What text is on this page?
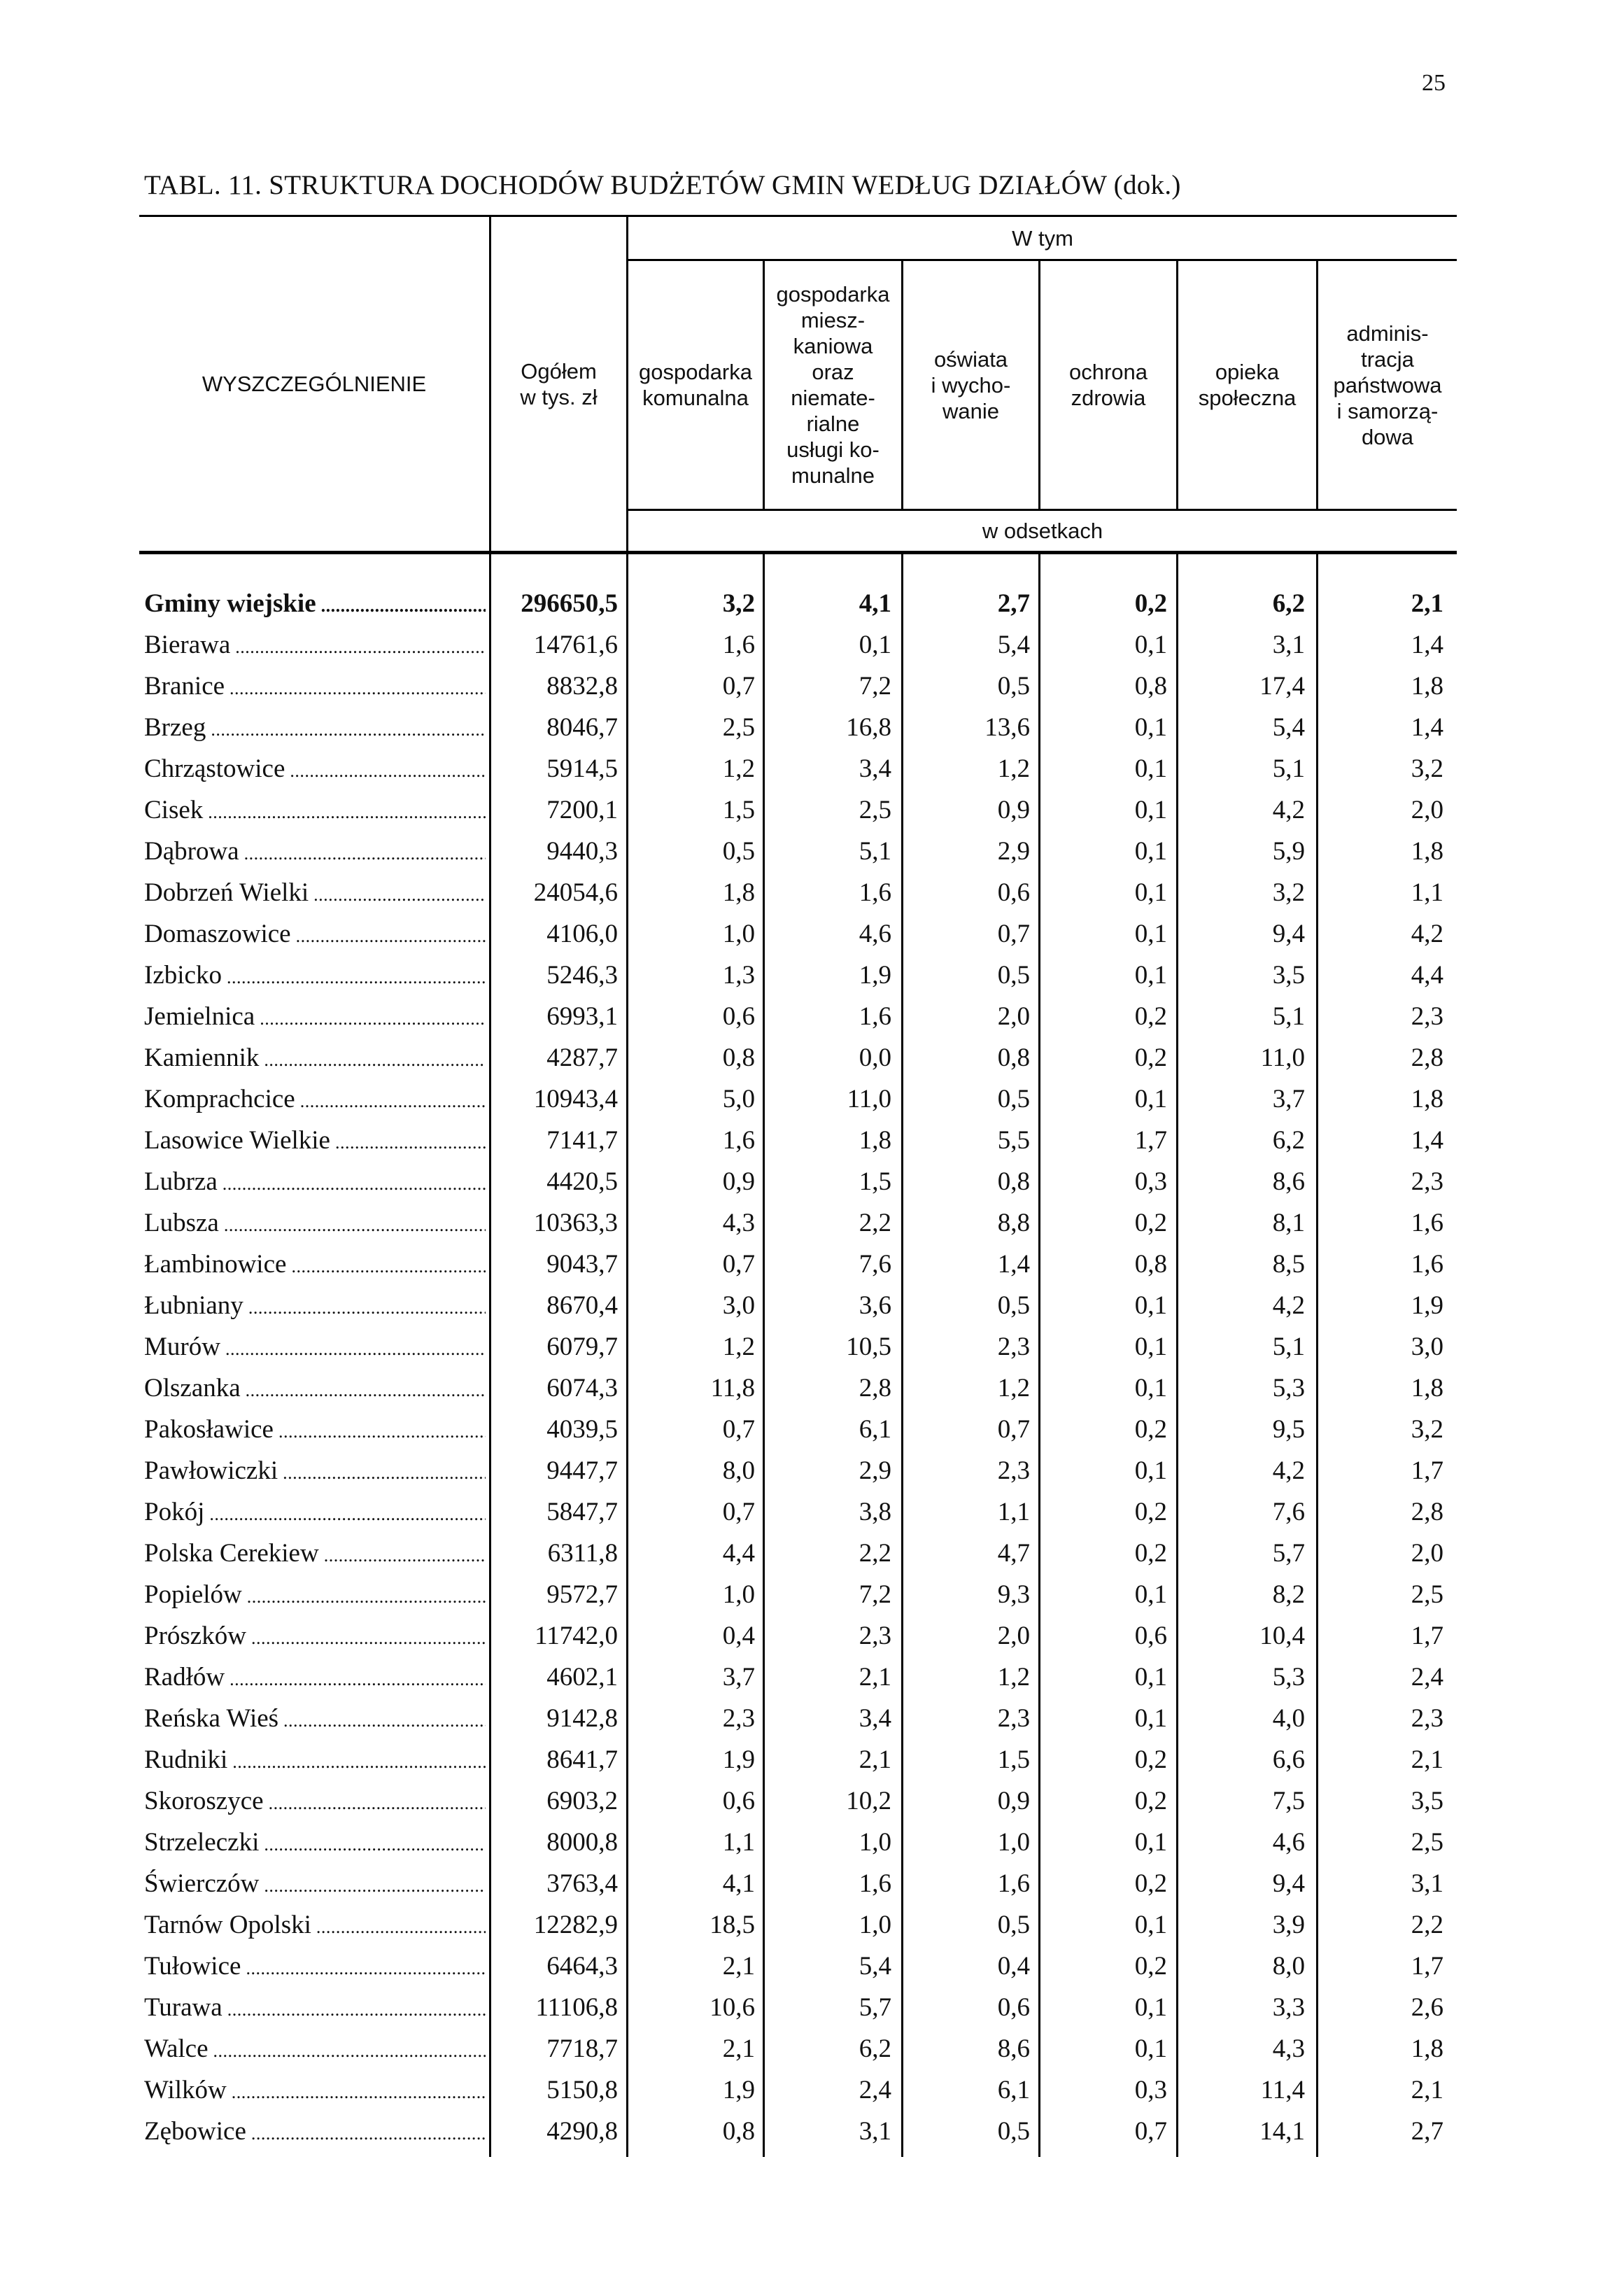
25
TABL. 11. STRUKTURA DOCHODÓW BUDŻETÓW GMIN WEDŁUG DZIAŁÓW (dok.)
WYSZCZEGÓLNIENIE
Ogółem
w tys. zł
W tym
gospodarka
komunalna
gospodarka
miesz-
kaniowa
oraz
niemate-
rialne
usługi ko-
munalne
oświata
i wycho-
wanie
ochrona
zdrowia
opieka
społeczna
adminis-
tracja
państwowa
i samorzą-
dowa
w odsetkach
Gminy wiejskie .....	296650,5	3,2	4,1	2,7	0,2	6,2	2,1
Bierawa .....	14761,6	1,6	0,1	5,4	0,1	3,1	1,4
Branice .....	8832,8	0,7	7,2	0,5	0,8	17,4	1,8
Brzeg .....	8046,7	2,5	16,8	13,6	0,1	5,4	1,4
Chrząstowice .....	5914,5	1,2	3,4	1,2	0,1	5,1	3,2
Cisek .....	7200,1	1,5	2,5	0,9	0,1	4,2	2,0
Dąbrowa .....	9440,3	0,5	5,1	2,9	0,1	5,9	1,8
Dobrzeń Wielki .....	24054,6	1,8	1,6	0,6	0,1	3,2	1,1
Domaszowice .....	4106,0	1,0	4,6	0,7	0,1	9,4	4,2
Izbicko .....	5246,3	1,3	1,9	0,5	0,1	3,5	4,4
Jemielnica .....	6993,1	0,6	1,6	2,0	0,2	5,1	2,3
Kamiennik .....	4287,7	0,8	0,0	0,8	0,2	11,0	2,8
Komprachcice .....	10943,4	5,0	11,0	0,5	0,1	3,7	1,8
Lasowice Wielkie .....	7141,7	1,6	1,8	5,5	1,7	6,2	1,4
Lubrza .....	4420,5	0,9	1,5	0,8	0,3	8,6	2,3
Lubsza .....	10363,3	4,3	2,2	8,8	0,2	8,1	1,6
Łambinowice .....	9043,7	0,7	7,6	1,4	0,8	8,5	1,6
Łubniany .....	8670,4	3,0	3,6	0,5	0,1	4,2	1,9
Murów .....	6079,7	1,2	10,5	2,3	0,1	5,1	3,0
Olszanka .....	6074,3	11,8	2,8	1,2	0,1	5,3	1,8
Pakosławice .....	4039,5	0,7	6,1	0,7	0,2	9,5	3,2
Pawłowiczki .....	9447,7	8,0	2,9	2,3	0,1	4,2	1,7
Pokój .....	5847,7	0,7	3,8	1,1	0,2	7,6	2,8
Polska Cerekiew .....	6311,8	4,4	2,2	4,7	0,2	5,7	2,0
Popielów .....	9572,7	1,0	7,2	9,3	0,1	8,2	2,5
Prószków .....	11742,0	0,4	2,3	2,0	0,6	10,4	1,7
Radłów .....	4602,1	3,7	2,1	1,2	0,1	5,3	2,4
Reńska Wieś .....	9142,8	2,3	3,4	2,3	0,1	4,0	2,3
Rudniki .....	8641,7	1,9	2,1	1,5	0,2	6,6	2,1
Skoroszyce .....	6903,2	0,6	10,2	0,9	0,2	7,5	3,5
Strzeleczki .....	8000,8	1,1	1,0	1,0	0,1	4,6	2,5
Świerczów .....	3763,4	4,1	1,6	1,6	0,2	9,4	3,1
Tarnów Opolski .....	12282,9	18,5	1,0	0,5	0,1	3,9	2,2
Tułowice .....	6464,3	2,1	5,4	0,4	0,2	8,0	1,7
Turawa .....	11106,8	10,6	5,7	0,6	0,1	3,3	2,6
Walce .....	7718,7	2,1	6,2	8,6	0,1	4,3	1,8
Wilków .....	5150,8	1,9	2,4	6,1	0,3	11,4	2,1
Zębowice .....	4290,8	0,8	3,1	0,5	0,7	14,1	2,7
